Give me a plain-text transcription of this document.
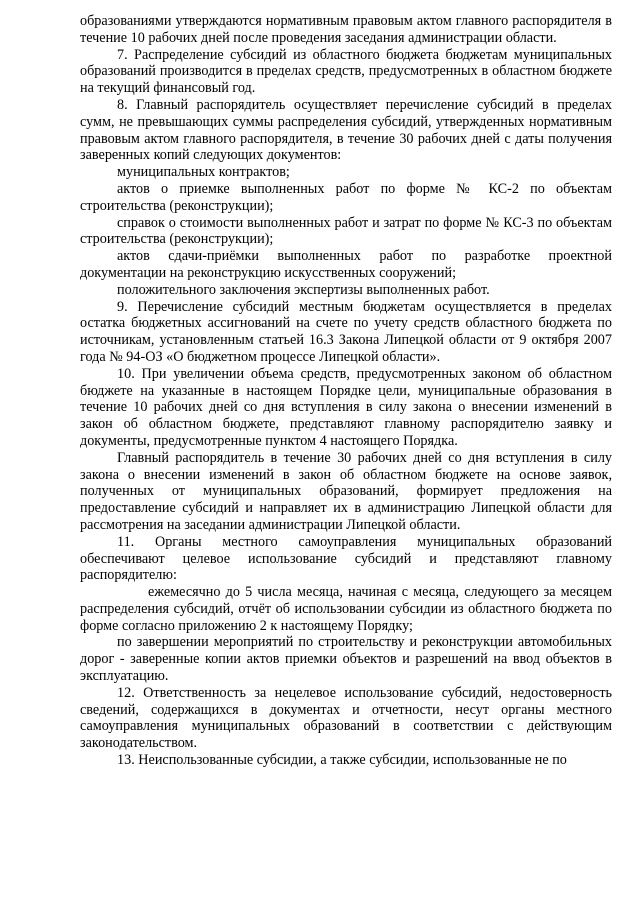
образованиями утверждаются нормативным правовым актом главного распорядителя в течение 10 рабочих дней после проведения заседания администрации области.

7. Распределение субсидий из областного бюджета бюджетам муниципальных образований производится в пределах средств, предусмотренных в областном бюджете на текущий финансовый год.

8. Главный распорядитель осуществляет перечисление субсидий в пределах сумм, не превышающих суммы распределения субсидий, утвержденных нормативным правовым актом главного распорядителя, в течение 30 рабочих дней с даты получения заверенных копий следующих документов:

муниципальных контрактов;

актов о приемке выполненных работ по форме № КС-2 по объектам строительства (реконструкции);

справок о стоимости выполненных работ и затрат по форме № КС-3 по объектам строительства (реконструкции);

актов сдачи-приёмки выполненных работ по разработке проектной документации на реконструкцию искусственных сооружений;

положительного заключения экспертизы выполненных работ.

9. Перечисление субсидий местным бюджетам осуществляется в пределах остатка бюджетных ассигнований на счете по учету средств областного бюджета по источникам, установленным статьей 16.3 Закона Липецкой области от 9 октября 2007 года № 94-ОЗ «О бюджетном процессе Липецкой области».

10. При увеличении объема средств, предусмотренных законом об областном бюджете на указанные в настоящем Порядке цели, муниципальные образования в течение 10 рабочих дней со дня вступления в силу закона о внесении изменений в закон об областном бюджете, представляют главному распорядителю заявку и документы, предусмотренные пунктом 4 настоящего Порядка.

Главный распорядитель в течение 30 рабочих дней со дня вступления в силу закона о внесении изменений в закон об областном бюджете на основе заявок, полученных от муниципальных образований, формирует предложения на предоставление субсидий и направляет их в администрацию Липецкой области для рассмотрения на заседании администрации Липецкой области.

11. Органы местного самоуправления муниципальных образований обеспечивают целевое использование субсидий и представляют главному распорядителю:

ежемесячно до 5 числа месяца, начиная с месяца, следующего за месяцем распределения субсидий, отчёт об использовании субсидии из областного бюджета по форме согласно приложению 2 к настоящему Порядку;

по завершении мероприятий по строительству и реконструкции автомобильных дорог - заверенные копии актов приемки объектов и разрешений на ввод объектов в эксплуатацию.

12. Ответственность за нецелевое использование субсидий, недостоверность сведений, содержащихся в документах и отчетности, несут органы местного самоуправления муниципальных образований в соответствии с действующим законодательством.

13. Неиспользованные субсидии, а также субсидии, использованные не по
